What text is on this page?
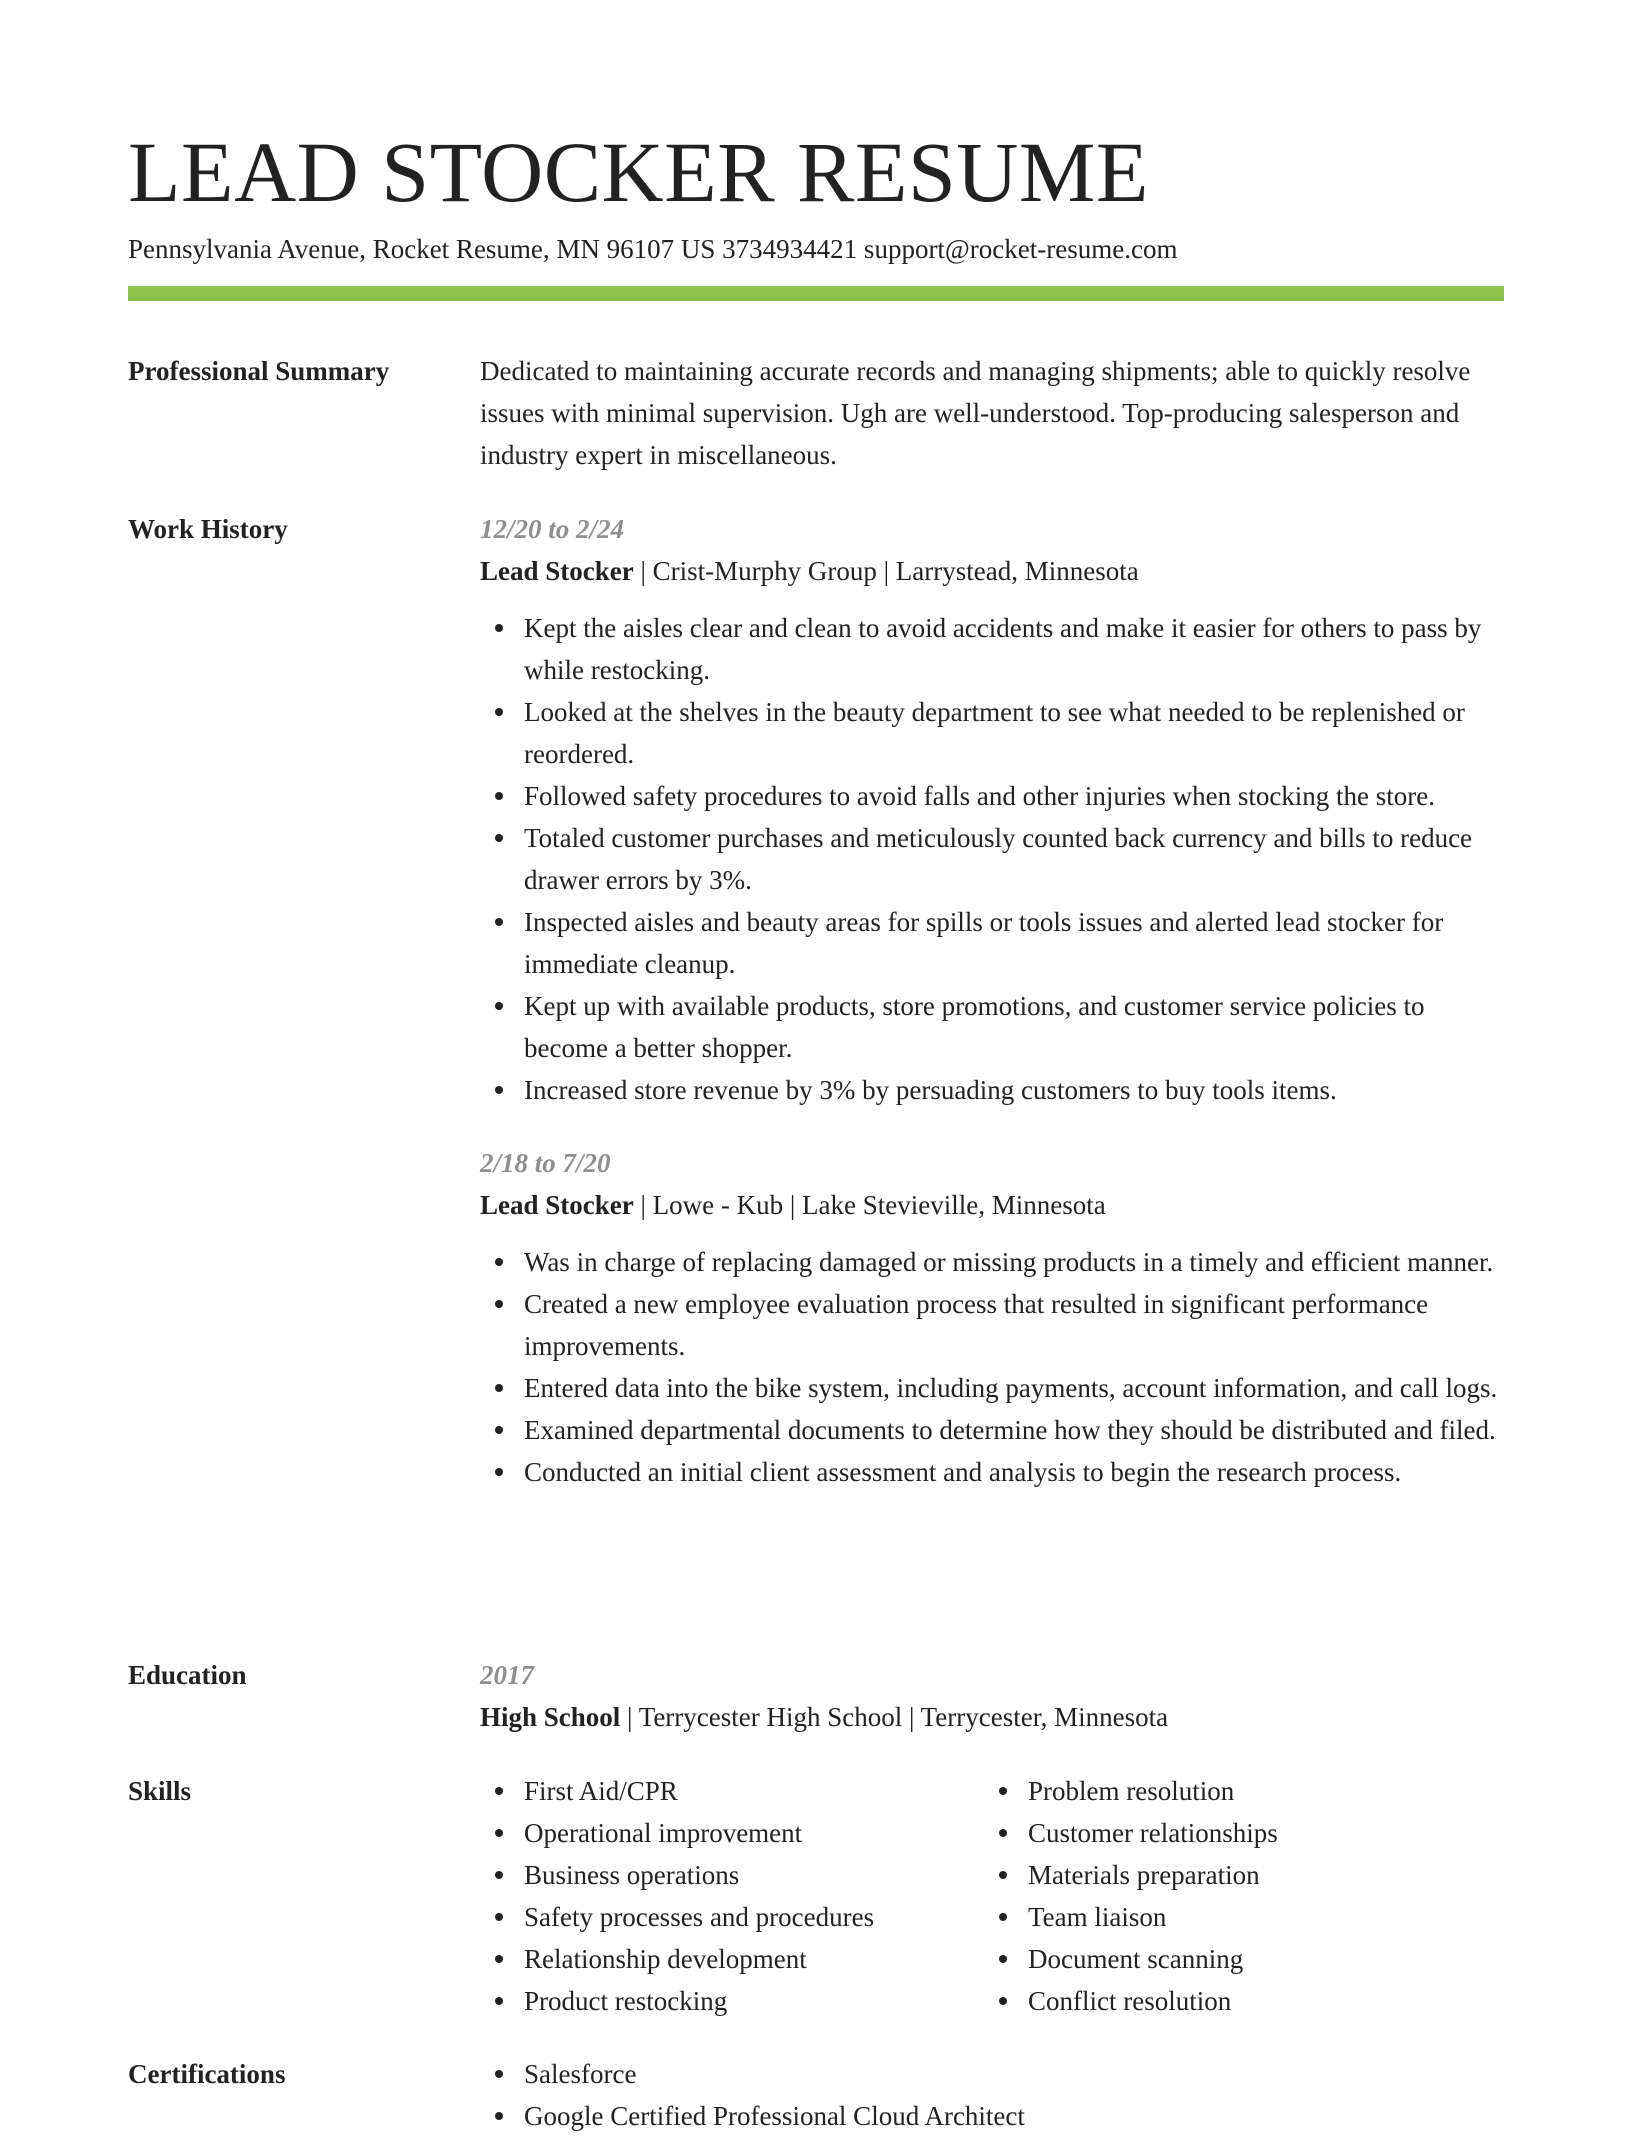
LEAD STOCKER RESUME
Pennsylvania Avenue, Rocket Resume, MN 96107 US 3734934421 support@rocket-resume.com
Professional Summary	Dedicated to maintaining accurate records and managing shipments; able to quickly resolve issues with minimal supervision. Ugh are well-understood. Top-producing salesperson and industry expert in miscellaneous.

Work History	12/20 to 2/24
Lead Stocker | Crist-Murphy Group | Larrystead, Minnesota
Kept the aisles clear and clean to avoid accidents and make it easier for others to pass by while restocking.
Looked at the shelves in the beauty department to see what needed to be replenished or reordered.
Followed safety procedures to avoid falls and other injuries when stocking the store.
Totaled customer purchases and meticulously counted back currency and bills to reduce drawer errors by 3%.
Inspected aisles and beauty areas for spills or tools issues and alerted lead stocker for immediate cleanup.
Kept up with available products, store promotions, and customer service policies to become a better shopper.
Increased store revenue by 3% by persuading customers to buy tools items.
2/18 to 7/20
Lead Stocker | Lowe - Kub | Lake Stevieville, Minnesota
Was in charge of replacing damaged or missing products in a timely and efficient manner.
Created a new employee evaluation process that resulted in significant performance improvements.
Entered data into the bike system, including payments, account information, and call logs.
Examined departmental documents to determine how they should be distributed and filed.
Conducted an initial client assessment and analysis to begin the research process.
Education	2017
High School | Terrycester High School | Terrycester, Minnesota
Skills	First Aid/CPR
Operational improvement
Business operations
Safety processes and procedures
Relationship development
Product restocking
Problem resolution
Customer relationships
Materials preparation
Team liaison
Document scanning
Conflict resolution
Certifications	Salesforce
Google Certified Professional Cloud Architect
